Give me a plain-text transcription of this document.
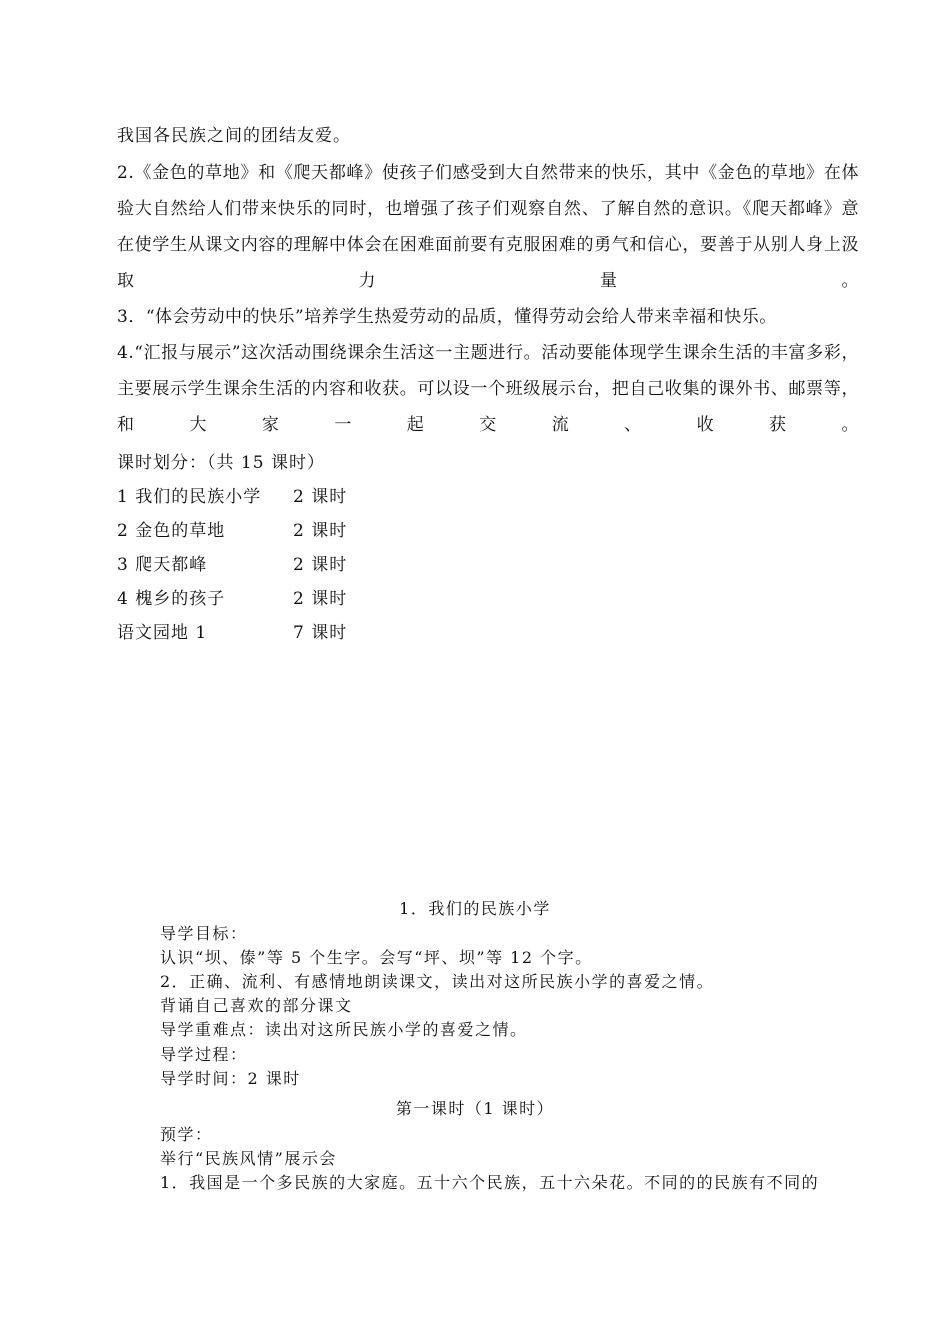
我国各民族之间的团结友爱。

2.《金色的草地》和《爬天都峰》使孩子们感受到大自然带来的快乐，其中《金色的草地》在体验大自然给人们带来快乐的同时，也增强了孩子们观察自然、了解自然的意识。《爬天都峰》意在使学生从课文内容的理解中体会在困难面前要有克服困难的勇气和信心，要善于从别人身上汲取力量。

3．“体会劳动中的快乐”培养学生热爱劳动的品质，懂得劳动会给人带来幸福和快乐。

4.“汇报与展示”这次活动围绕课余生活这一主题进行。活动要能体现学生课余生活的丰富多彩，主要展示学生课余生活的内容和收获。可以设一个班级展示台，把自己收集的课外书、邮票等，和大家一起交流、收获。

课时划分：（共 15 课时）

1 我们的民族小学 2 课时
2 金色的草地	2 课时
3 爬天都峰	2 课时
4 槐乡的孩子	2 课时
语文园地 1	7 课时
1．我们的民族小学

导学目标：

认识“坝、傣”等 5 个生字。会写“坪、坝”等 12 个字。

2．正确、流利、有感情地朗读课文，读出对这所民族小学的喜爱之情。

背诵自己喜欢的部分课文

导学重难点：读出对这所民族小学的喜爱之情。

导学过程：

导学时间：2 课时

第一课时（1 课时）

预学：

举行“民族风情”展示会

1．我国是一个多民族的大家庭。五十六个民族，五十六朵花。不同的的民族有不同的
